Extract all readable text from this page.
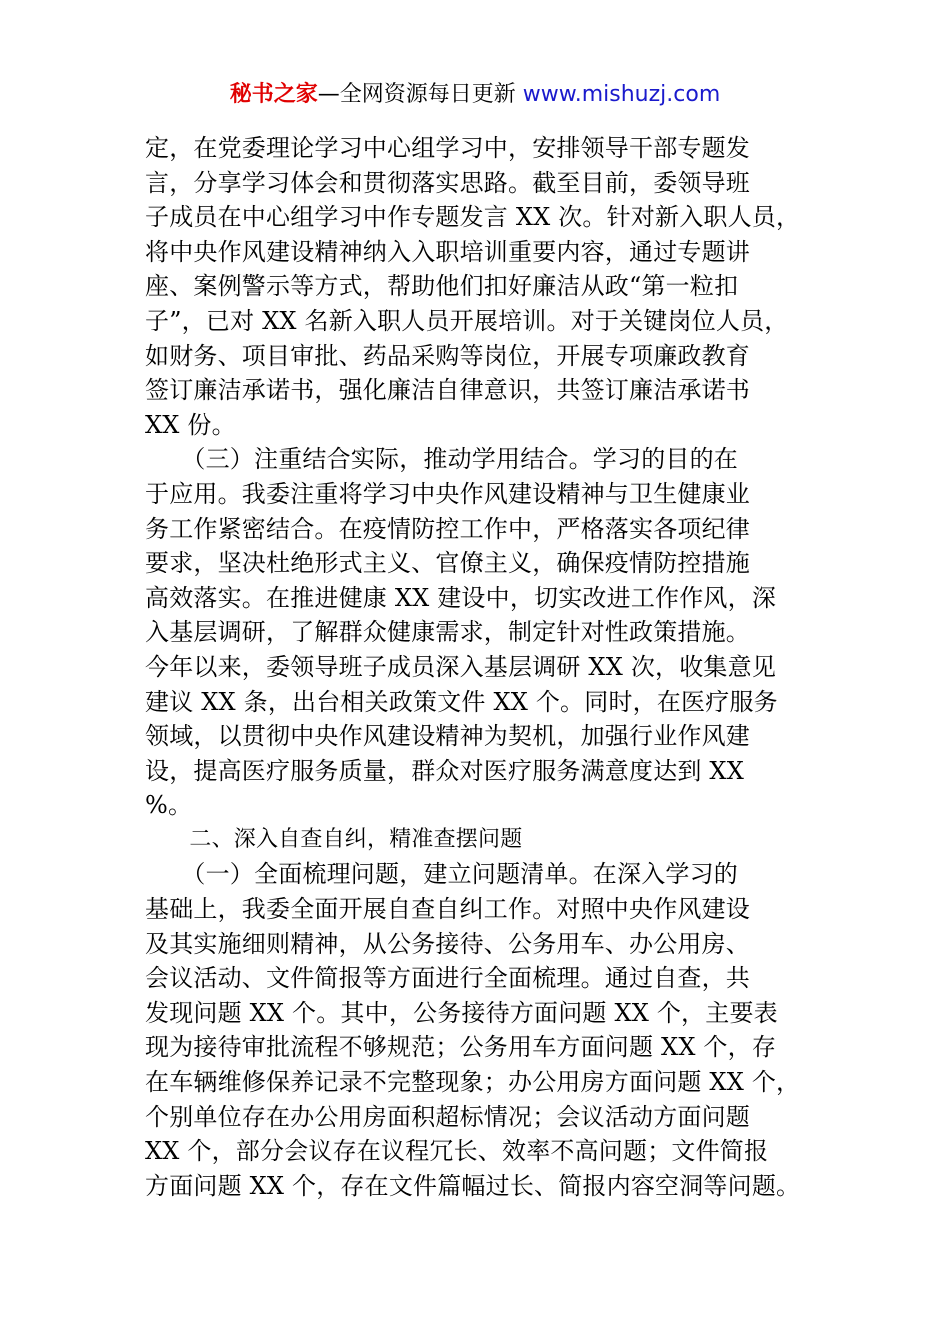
秘书之家—全网资源每日更新 www.mishuzj.com
定，在党委理论学习中心组学习中，安排领导干部专题发
言，分享学习体会和贯彻落实思路。截至目前，委领导班
子成员在中心组学习中作专题发言 XX 次。针对新入职人员，
将中央作风建设精神纳入入职培训重要内容，通过专题讲
座、案例警示等方式，帮助他们扣好廉洁从政“第一粒扣
子”，已对 XX 名新入职人员开展培训。对于关键岗位人员，
如财务、项目审批、药品采购等岗位，开展专项廉政教育
签订廉洁承诺书，强化廉洁自律意识，共签订廉洁承诺书
XX 份。
　　（三）注重结合实际，推动学用结合。学习的目的在
于应用。我委注重将学习中央作风建设精神与卫生健康业
务工作紧密结合。在疫情防控工作中，严格落实各项纪律
要求，坚决杜绝形式主义、官僚主义，确保疫情防控措施
高效落实。在推进健康 XX 建设中，切实改进工作作风，深
入基层调研，了解群众健康需求，制定针对性政策措施。
今年以来，委领导班子成员深入基层调研 XX 次，收集意见
建议 XX 条，出台相关政策文件 XX 个。同时，在医疗服务
领域，以贯彻中央作风建设精神为契机，加强行业作风建
设，提高医疗服务质量，群众对医疗服务满意度达到 XX
%。
　　二、深入自查自纠，精准查摆问题
　　（一）全面梳理问题，建立问题清单。在深入学习的
基础上，我委全面开展自查自纠工作。对照中央作风建设
及其实施细则精神，从公务接待、公务用车、办公用房、
会议活动、文件简报等方面进行全面梳理。通过自查，共
发现问题 XX 个。其中，公务接待方面问题 XX 个，主要表
现为接待审批流程不够规范；公务用车方面问题 XX 个，存
在车辆维修保养记录不完整现象；办公用房方面问题 XX 个，
个别单位存在办公用房面积超标情况；会议活动方面问题
XX 个，部分会议存在议程冗长、效率不高问题；文件简报
方面问题 XX 个，存在文件篇幅过长、简报内容空洞等问题。
